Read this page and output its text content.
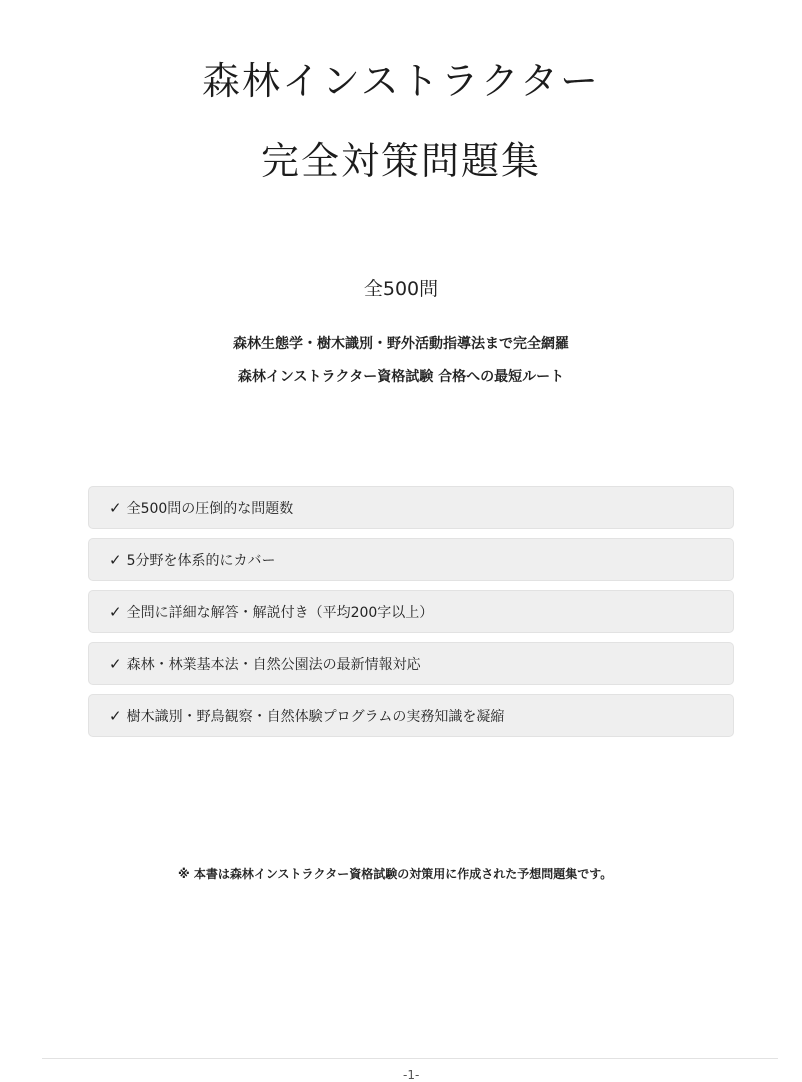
森林インストラクター
完全対策問題集
全500問
森林生態学・樹木識別・野外活動指導法まで完全網羅
森林インストラクター資格試験 合格への最短ルート
✓ 全500問の圧倒的な問題数
✓ 5分野を体系的にカバー
✓ 全問に詳細な解答・解説付き（平均200字以上）
✓ 森林・林業基本法・自然公園法の最新情報対応
✓ 樹木識別・野鳥観察・自然体験プログラムの実務知識を凝縮
※ 本書は森林インストラクター資格試験の対策用に作成された予想問題集です。
-1-
